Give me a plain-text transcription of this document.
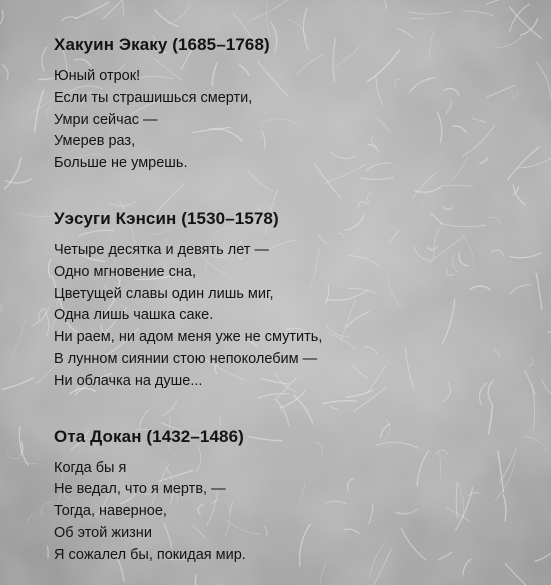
Хакуин Экаку (1685–1768)
Юный отрок!
Если ты страшишься смерти,
Умри сейчас —
Умерев раз,
Больше не умрешь.
Уэсуги Кэнсин (1530–1578)
Четыре десятка и девять лет —
Одно мгновение сна,
Цветущей славы один лишь миг,
Одна лишь чашка саке.
Ни раем, ни адом меня уже не смутить,
В лунном сиянии стою непоколебим —
Ни облачка на душе...
Ота Докан (1432–1486)
Когда бы я
Не ведал, что я мертв, —
Тогда, наверное,
Об этой жизни
Я сожалел бы, покидая мир.
